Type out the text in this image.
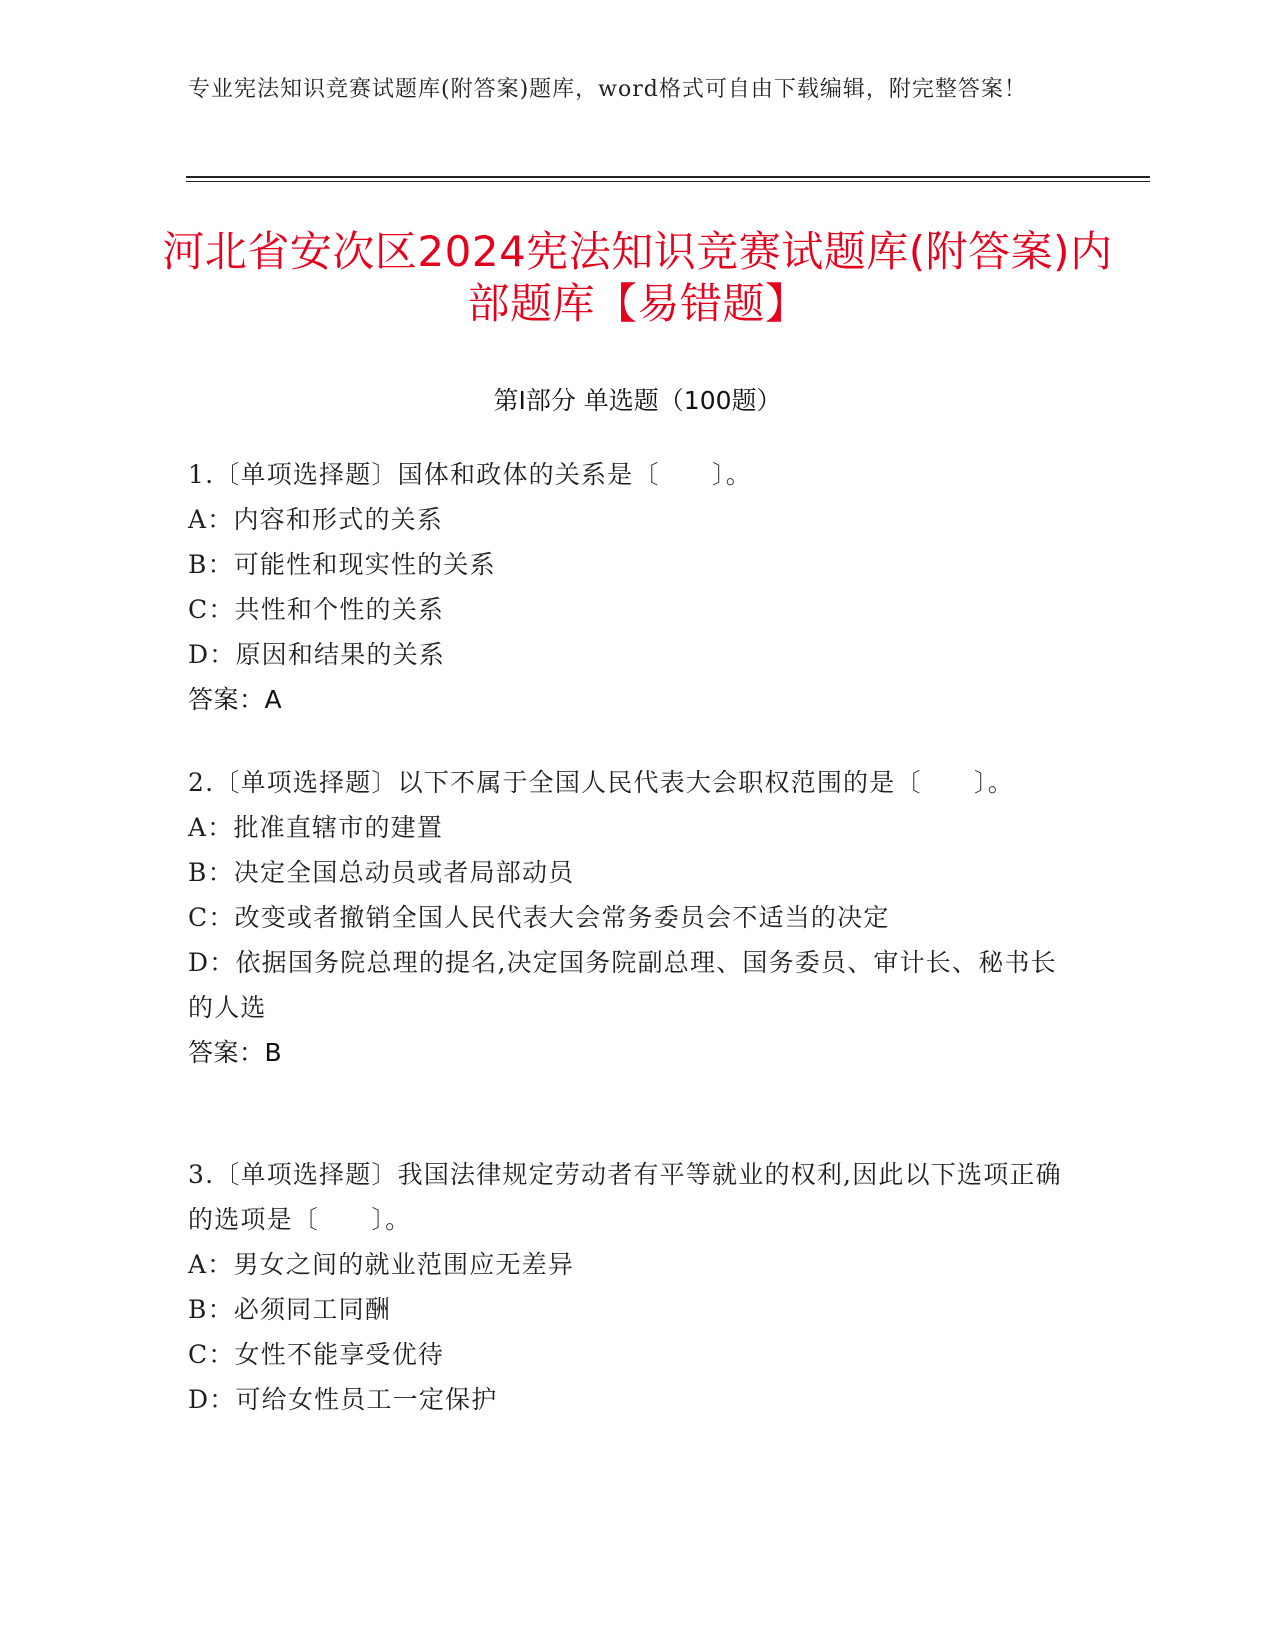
专业宪法知识竞赛试题库(附答案)题库，word格式可自由下载编辑，附完整答案！
河北省安次区2024宪法知识竞赛试题库(附答案)内部题库【易错题】
第Ⅰ部分 单选题（100题）
1.〔单项选择题〕国体和政体的关系是〔　　〕。
A：内容和形式的关系
B：可能性和现实性的关系
C：共性和个性的关系
D：原因和结果的关系
答案：A
2.〔单项选择题〕以下不属于全国人民代表大会职权范围的是〔　　〕。
A：批准直辖市的建置
B：决定全国总动员或者局部动员
C：改变或者撤销全国人民代表大会常务委员会不适当的决定
D：依据国务院总理的提名,决定国务院副总理、国务委员、审计长、秘书长的人选
答案：B
3.〔单项选择题〕我国法律规定劳动者有平等就业的权利,因此以下选项正确的选项是〔　　〕。
A：男女之间的就业范围应无差异
B：必须同工同酬
C：女性不能享受优待
D：可给女性员工一定保护
